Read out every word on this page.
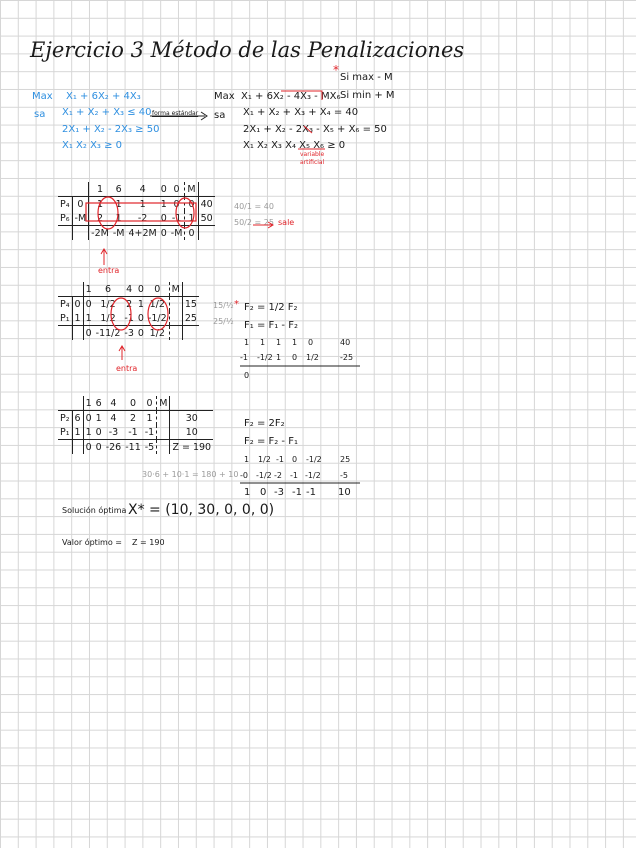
Ejercicio 3 Método de las Penalizaciones
*
Si max - M
Si min + M
Max X₁ + 6X₂ + 4X₃
sa X₁ + X₂ + X₃ ≤ 40
2X₁ + X₂ - 2X₃ ≥ 50
X₁ X₂ X₃ ≥ 0
forma estándar
Max X₁ + 6X₂ - 4X₃ - MX₆
sa X₁ + X₂ + X₃ + X₄ = 40
2X₁ + X₂ - 2X₃ - X₅ + X₆ = 50
X₁ X₂ X₃ X₄ X₅ X₆ ≥ 0
variable
artificial
		1	6	4	0	0	M	
P₄	0	1	1	1	1	0	0	40
P₆	-M	2	1	-2	0	-1	1	50
		-2M	-M	4+2M	0	-M	0	
40/1 = 40
50/2 = 25 sale
entra
		1	6	4	0	0	M	
P₄	0	0	1/2	2	1	1/2		15
P₁	1	1	1/2	-1	0	-1/2		25
		0	-11/2	-3	0	1/2		
15/½
25/½
entra
* F₂ = 1/2 F₂
F₁ = F₁ - F₂
1 1 1 1 0	40
-1 -1/2 1 0 1/2	-25
0
		1	6	4	0	0	M	
P₂	6	0	1	4	2	1		30
P₁	1	1	0	-3	-1	-1		10
		0	0	-26	-11	-5		Z = 190
30·6 + 10·1 = 180 + 10
F₂ = 2F₂
F₂ = F₂ - F₁
1 1/2 -1 0 -1/2 25
-0 -1/2 -2 -1 -1/2 -5
1 0 -3 -1 -1 10
Solución óptima X* = (10, 30, 0, 0, 0)
Valor óptimo = Z = 190
